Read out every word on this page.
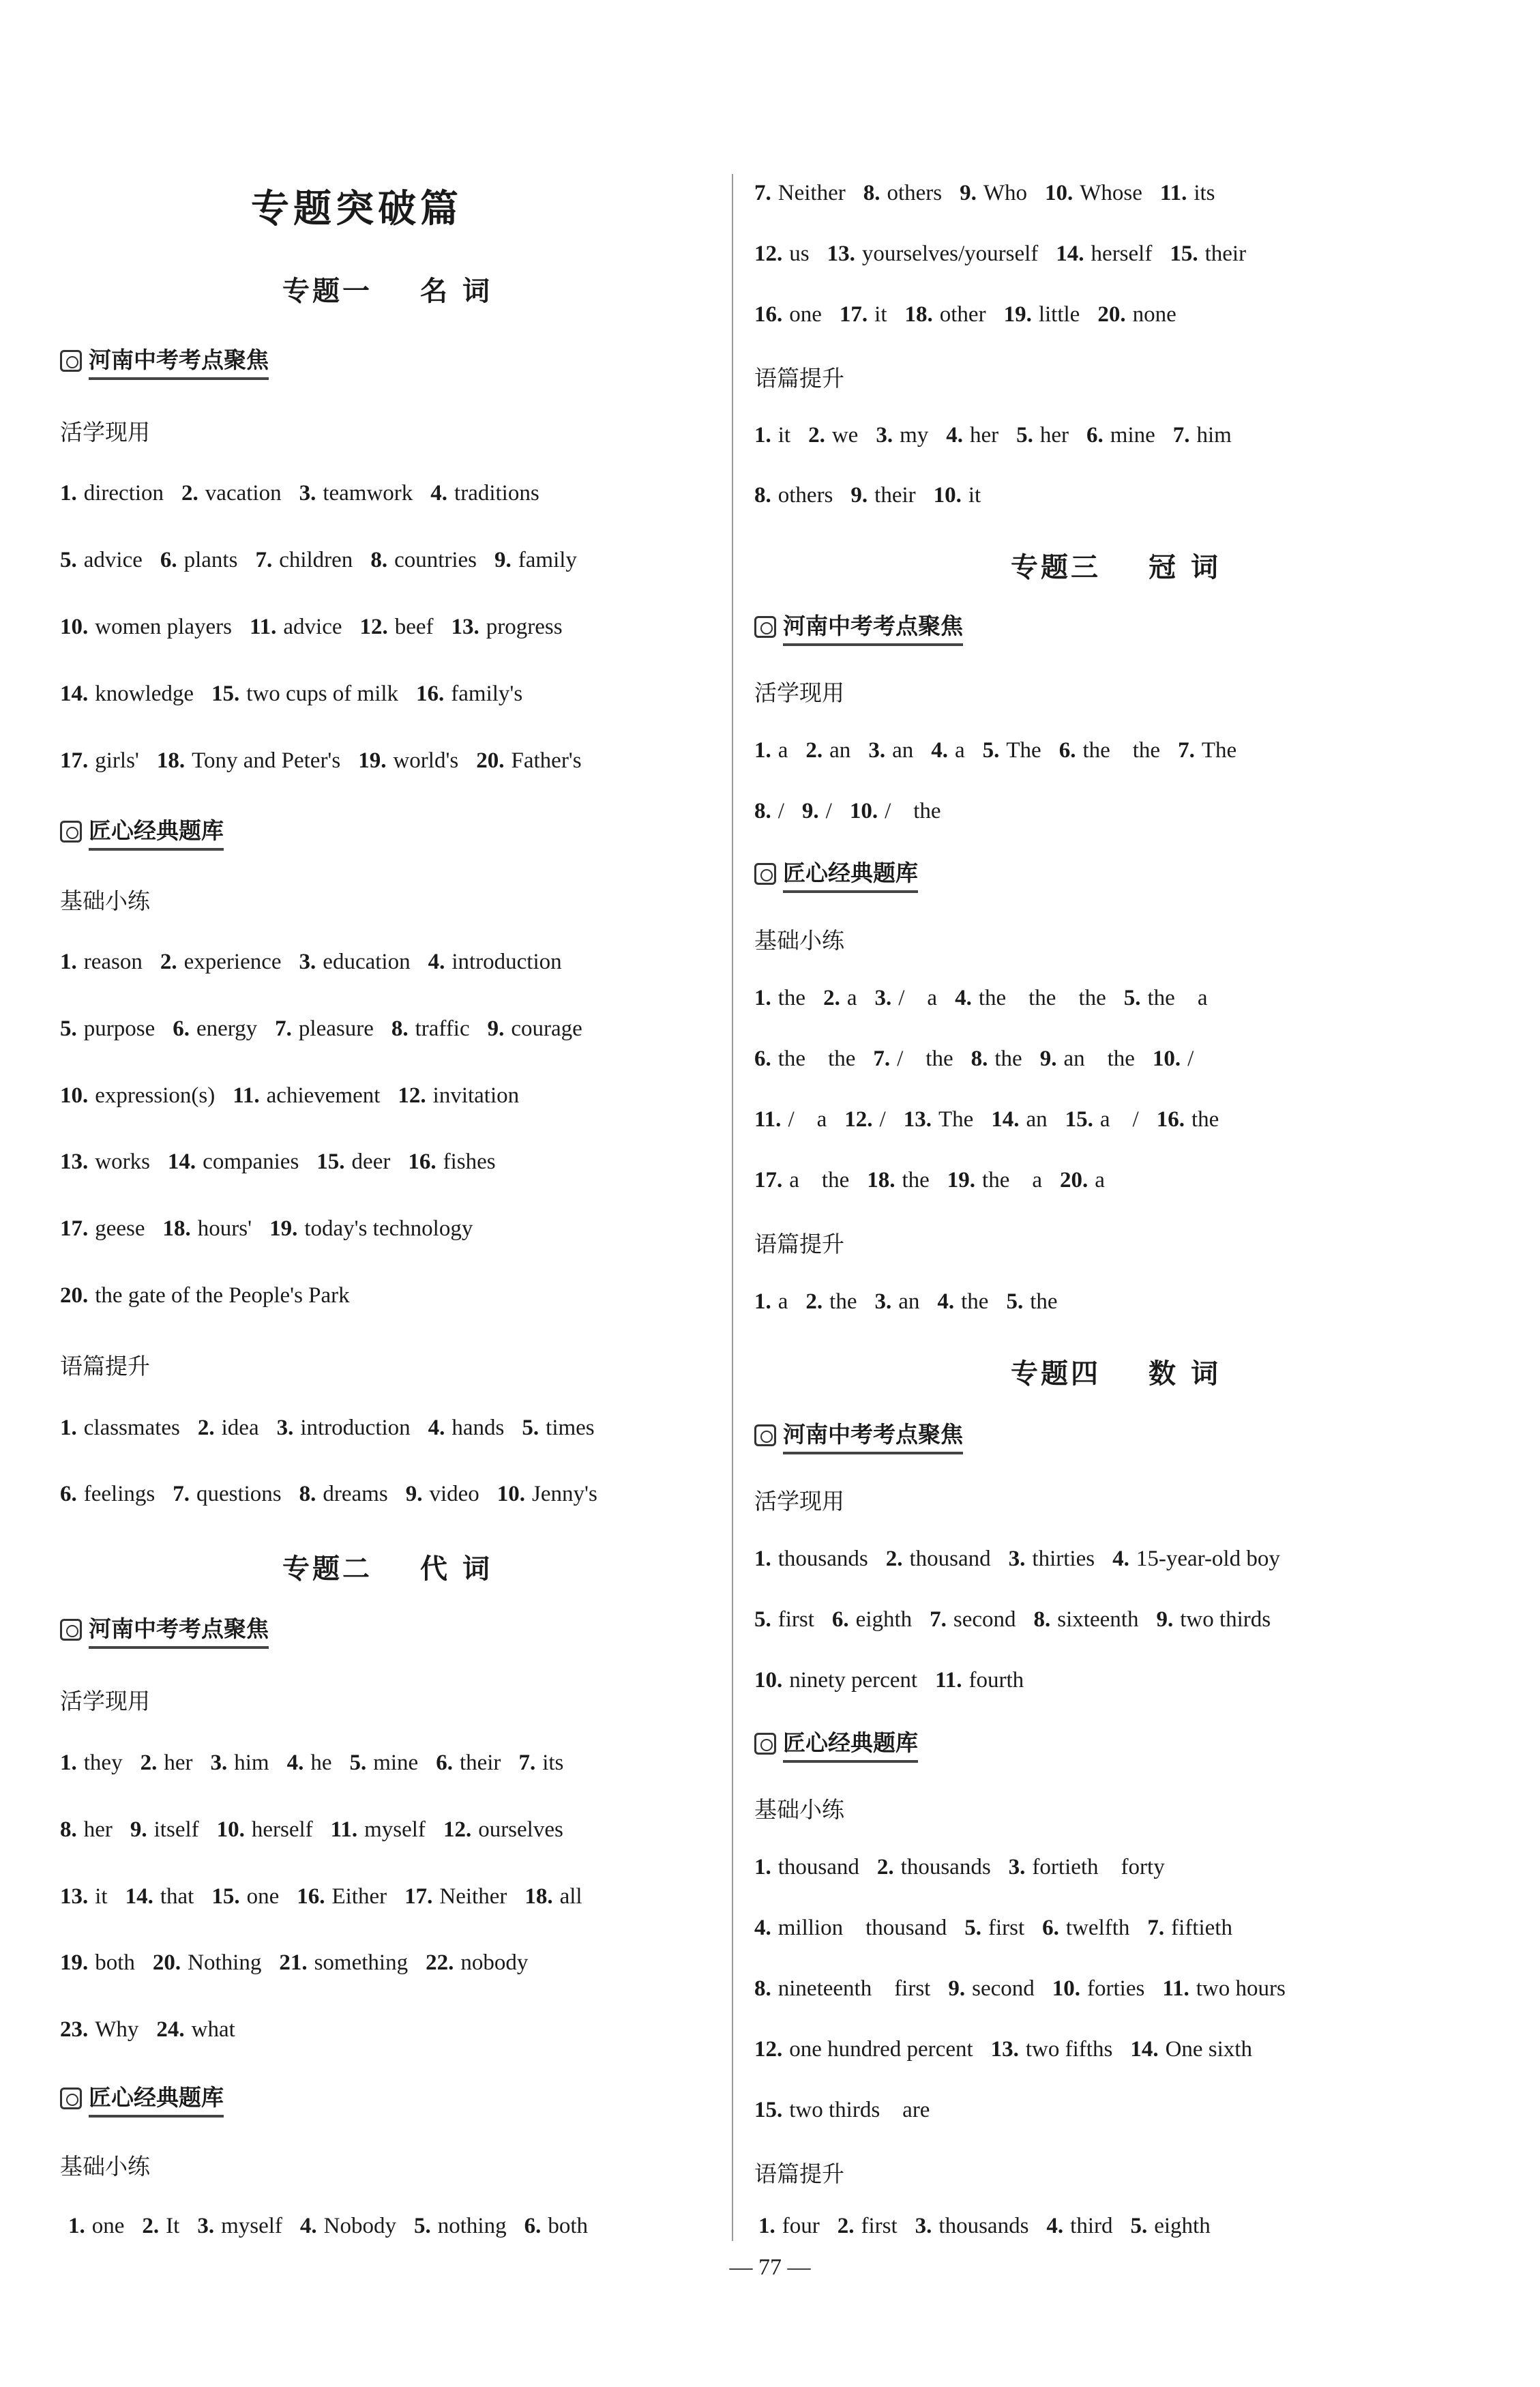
专题突破篇
专题一 名 词
河南中考考点聚焦
活学现用
1. direction 2. vacation 3. teamwork 4. traditions
5. advice 6. plants 7. children 8. countries 9. family
10. women players 11. advice 12. beef 13. progress
14. knowledge 15. two cups of milk 16. family's
17. girls' 18. Tony and Peter's 19. world's 20. Father's
匠心经典题库
基础小练
1. reason 2. experience 3. education 4. introduction
5. purpose 6. energy 7. pleasure 8. traffic 9. courage
10. expression(s) 11. achievement 12. invitation
13. works 14. companies 15. deer 16. fishes
17. geese 18. hours' 19. today's technology
20. the gate of the People's Park
语篇提升
1. classmates 2. idea 3. introduction 4. hands 5. times
6. feelings 7. questions 8. dreams 9. video 10. Jenny's
专题二 代 词
河南中考考点聚焦
活学现用
1. they 2. her 3. him 4. he 5. mine 6. their 7. its
8. her 9. itself 10. herself 11. myself 12. ourselves
13. it 14. that 15. one 16. Either 17. Neither 18. all
19. both 20. Nothing 21. something 22. nobody
23. Why 24. what
匠心经典题库
基础小练
7. Neither 8. others 9. Who 10. Whose 11. its
12. us 13. yourselves/yourself 14. herself 15. their
16. one 17. it 18. other 19. little 20. none
语篇提升
1. it 2. we 3. my 4. her 5. her 6. mine 7. him
8. others 9. their 10. it
专题三 冠 词
河南中考考点聚焦
活学现用
1. a 2. an 3. an 4. a 5. The 6. the    the 7. The
8. / 9. / 10. /    the
匠心经典题库
基础小练
1. the 2. a 3. /    a 4. the    the    the 5. the    a
6. the    the 7. /    the 8. the 9. an    the 10. /
11. /    a 12. / 13. The 14. an 15. a    / 16. the
17. a    the 18. the 19. the    a 20. a
语篇提升
1. a 2. the 3. an 4. the 5. the
专题四 数 词
河南中考考点聚焦
活学现用
1. thousands 2. thousand 3. thirties 4. 15-year-old boy
5. first 6. eighth 7. second 8. sixteenth 9. two thirds
10. ninety percent 11. fourth
匠心经典题库
基础小练
1. thousand 2. thousands 3. fortieth    forty
4. million    thousand 5. first 6. twelfth 7. fiftieth
8. nineteenth    first 9. second 10. forties 11. two hours
12. one hundred percent 13. two fifths 14. One sixth
15. two thirds    are
语篇提升
1. one 2. It 3. myself 4. Nobody 5. nothing 6. both	1. four 2. first 3. thousands 4. third 5. eighth
— 77 —
